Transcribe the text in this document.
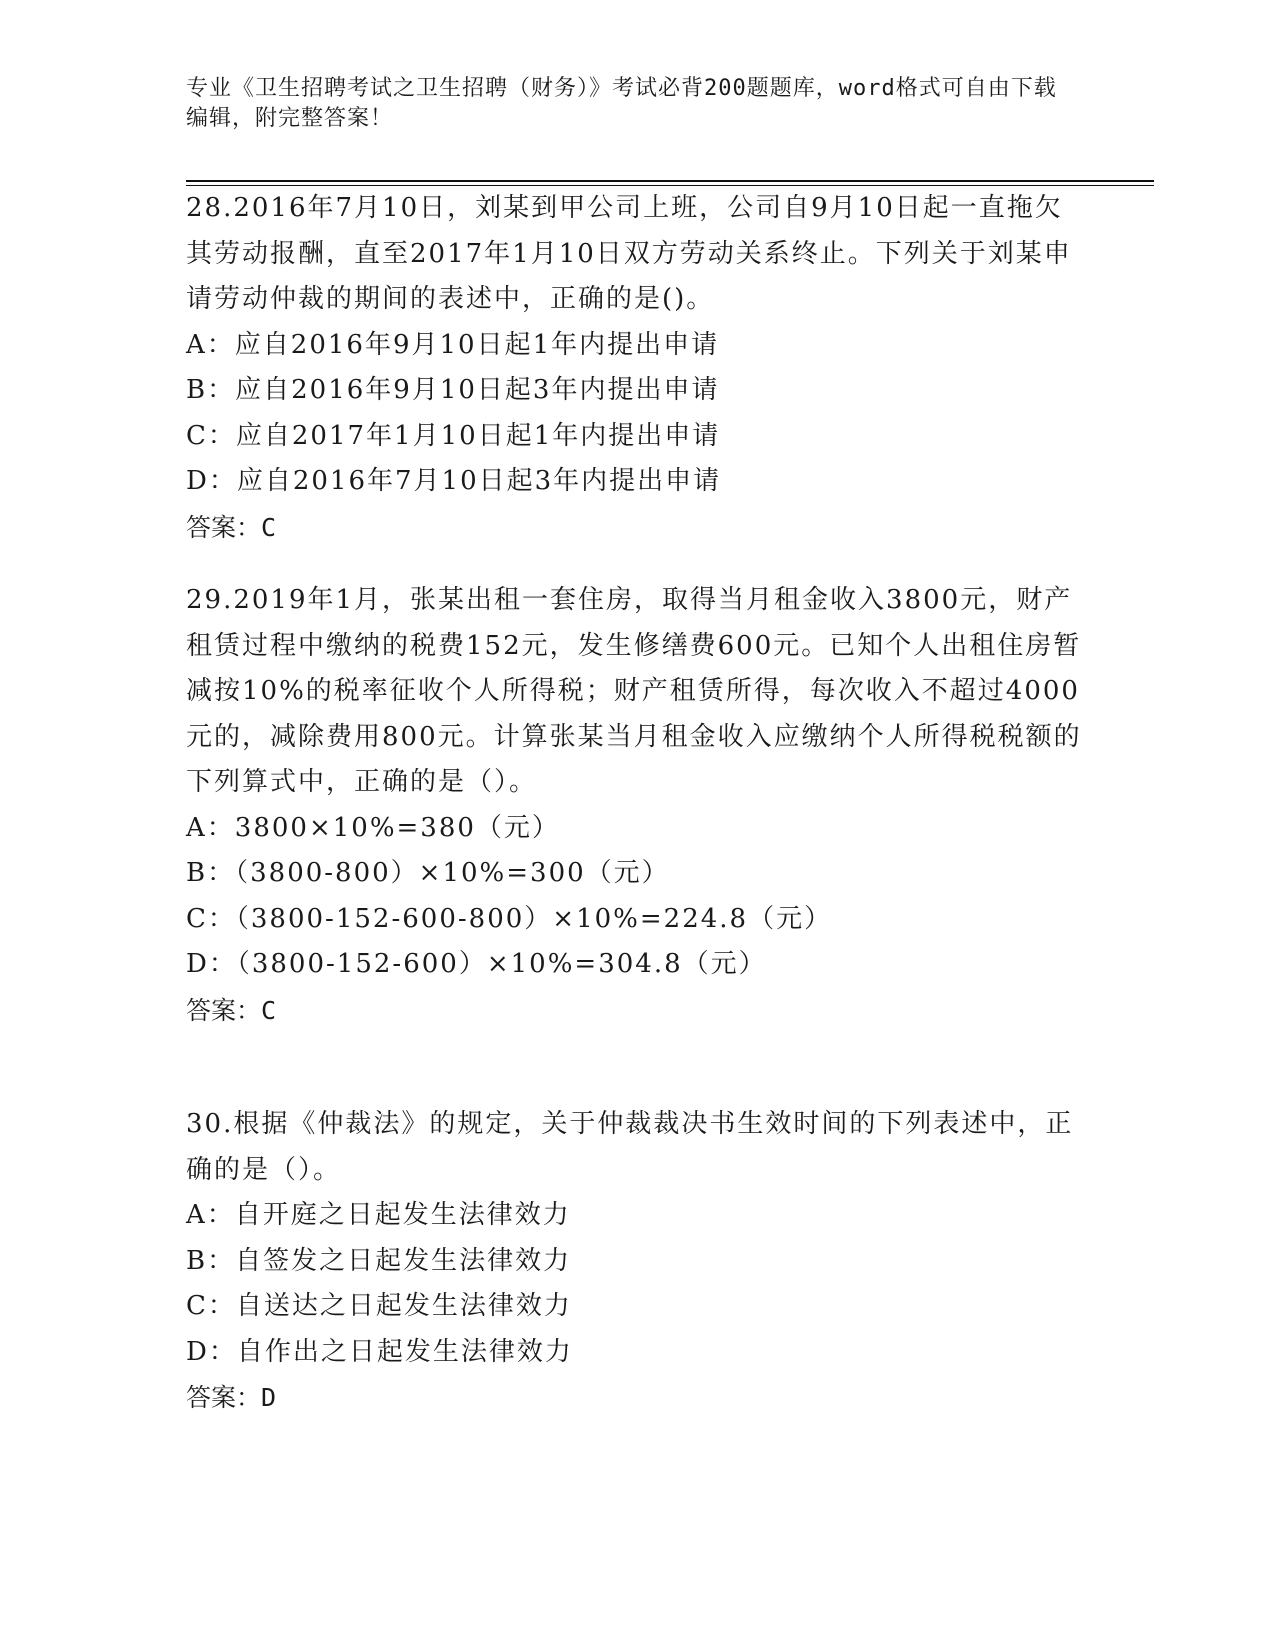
专业《卫生招聘考试之卫生招聘（财务）》考试必背200题题库，word格式可自由下载编辑，附完整答案！

28.2016年7月10日，刘某到甲公司上班，公司自9月10日起一直拖欠其劳动报酬，直至2017年1月10日双方劳动关系终止。下列关于刘某申请劳动仲裁的期间的表述中，正确的是()。

A：应自2016年9月10日起1年内提出申请

B：应自2016年9月10日起3年内提出申请

C：应自2017年1月10日起1年内提出申请

D：应自2016年7月10日起3年内提出申请

答案：C

29.2019年1月，张某出租一套住房，取得当月租金收入3800元，财产租赁过程中缴纳的税费152元，发生修缮费600元。已知个人出租住房暂减按10%的税率征收个人所得税；财产租赁所得，每次收入不超过4000元的，减除费用800元。计算张某当月租金收入应缴纳个人所得税税额的下列算式中，正确的是（）。

A：3800×10%=380（元）

B：（3800-800）×10%=300（元）

C：（3800-152-600-800）×10%=224.8（元）

D：（3800-152-600）×10%=304.8（元）

答案：C

30.根据《仲裁法》的规定，关于仲裁裁决书生效时间的下列表述中，正确的是（）。

A：自开庭之日起发生法律效力

B：自签发之日起发生法律效力

C：自送达之日起发生法律效力

D：自作出之日起发生法律效力

答案：D
